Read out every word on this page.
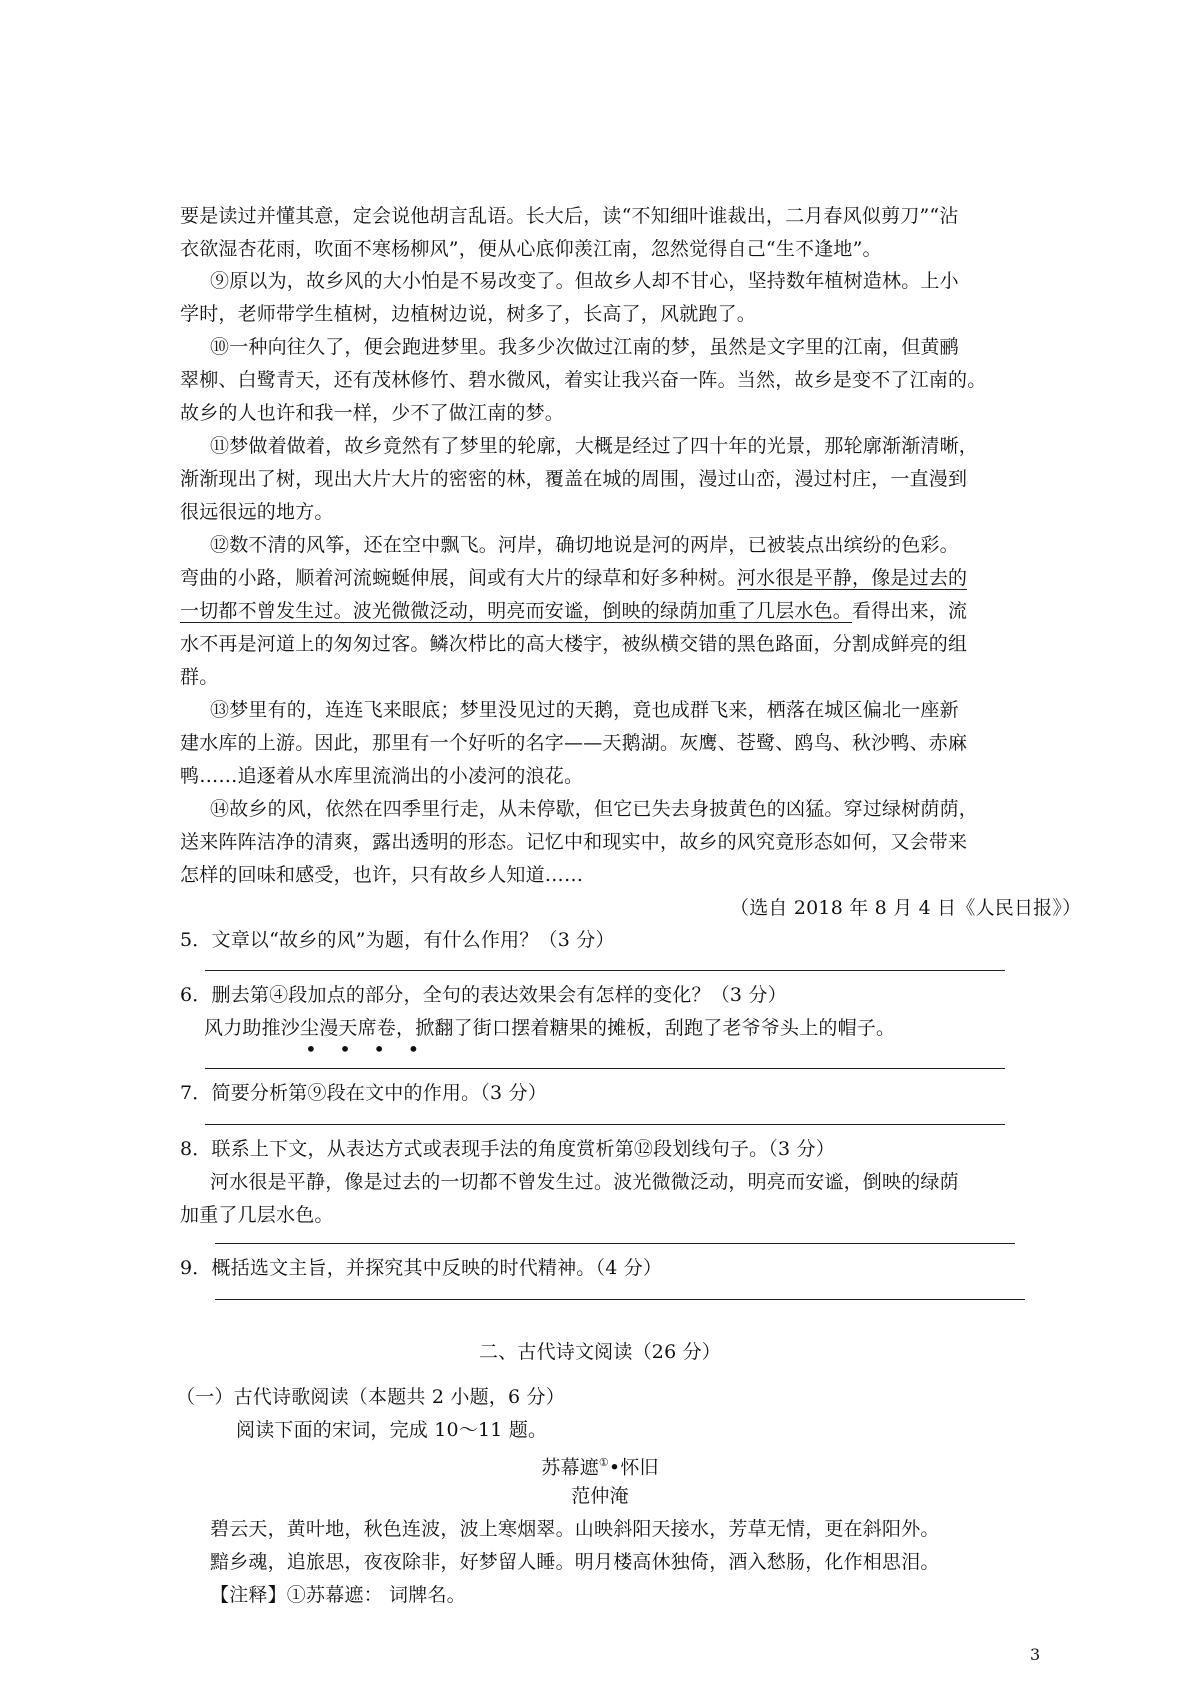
要是读过并懂其意，定会说他胡言乱语。长大后，读“不知细叶谁裁出，二月春风似剪刀”“沾
衣欲湿杏花雨，吹面不寒杨柳风”，便从心底仰羡江南，忽然觉得自己“生不逢地”。
⑨原以为，故乡风的大小怕是不易改变了。但故乡人却不甘心，坚持数年植树造林。上小
学时，老师带学生植树，边植树边说，树多了，长高了，风就跑了。
⑩一种向往久了，便会跑进梦里。我多少次做过江南的梦，虽然是文字里的江南，但黄鹂
翠柳、白鹭青天，还有茂林修竹、碧水微风，着实让我兴奋一阵。当然，故乡是变不了江南的。
故乡的人也许和我一样，少不了做江南的梦。
⑪梦做着做着，故乡竟然有了梦里的轮廓，大概是经过了四十年的光景，那轮廓渐渐清晰，
渐渐现出了树，现出大片大片的密密的林，覆盖在城的周围，漫过山峦，漫过村庄，一直漫到
很远很远的地方。
⑫数不清的风筝，还在空中飘飞。河岸，确切地说是河的两岸，已被装点出缤纷的色彩。
弯曲的小路，顺着河流蜿蜒伸展，间或有大片的绿草和好多种树。河水很是平静，像是过去的
一切都不曾发生过。波光微微泛动，明亮而安谧，倒映的绿荫加重了几层水色。看得出来，流
水不再是河道上的匆匆过客。鳞次栉比的高大楼宇，被纵横交错的黑色路面，分割成鲜亮的组
群。
⑬梦里有的，连连飞来眼底；梦里没见过的天鹅，竟也成群飞来，栖落在城区偏北一座新
建水库的上游。因此，那里有一个好听的名字——天鹅湖。灰鹰、苍鹭、鸥鸟、秋沙鸭、赤麻
鸭……追逐着从水库里流淌出的小凌河的浪花。
⑭故乡的风，依然在四季里行走，从未停歇，但它已失去身披黄色的凶猛。穿过绿树荫荫，
送来阵阵洁净的清爽，露出透明的形态。记忆中和现实中，故乡的风究竟形态如何，又会带来
怎样的回味和感受，也许，只有故乡人知道……
（选自 2018 年 8 月 4 日《人民日报》）
5．文章以“故乡的风”为题，有什么作用？（3 分）
6．删去第④段加点的部分，全句的表达效果会有怎样的变化？（3 分）
风力助推沙尘漫天席卷，掀翻了街口摆着糖果的摊板，刮跑了老爷爷头上的帽子。
• • • •
7．简要分析第⑨段在文中的作用。（3 分）
8．联系上下文，从表达方式或表现手法的角度赏析第⑫段划线句子。（3 分）
河水很是平静，像是过去的一切都不曾发生过。波光微微泛动，明亮而安谧，倒映的绿荫
加重了几层水色。
9．概括选文主旨，并探究其中反映的时代精神。（4 分）
二、古代诗文阅读（26 分）
（一）古代诗歌阅读（本题共 2 小题，6 分）
阅读下面的宋词，完成 10～11 题。
苏幕遮①•怀旧
范仲淹
碧云天，黄叶地，秋色连波，波上寒烟翠。山映斜阳天接水，芳草无情，更在斜阳外。
黯乡魂，追旅思，夜夜除非，好梦留人睡。明月楼高休独倚，酒入愁肠，化作相思泪。
【注释】①苏幕遮： 词牌名。
3
